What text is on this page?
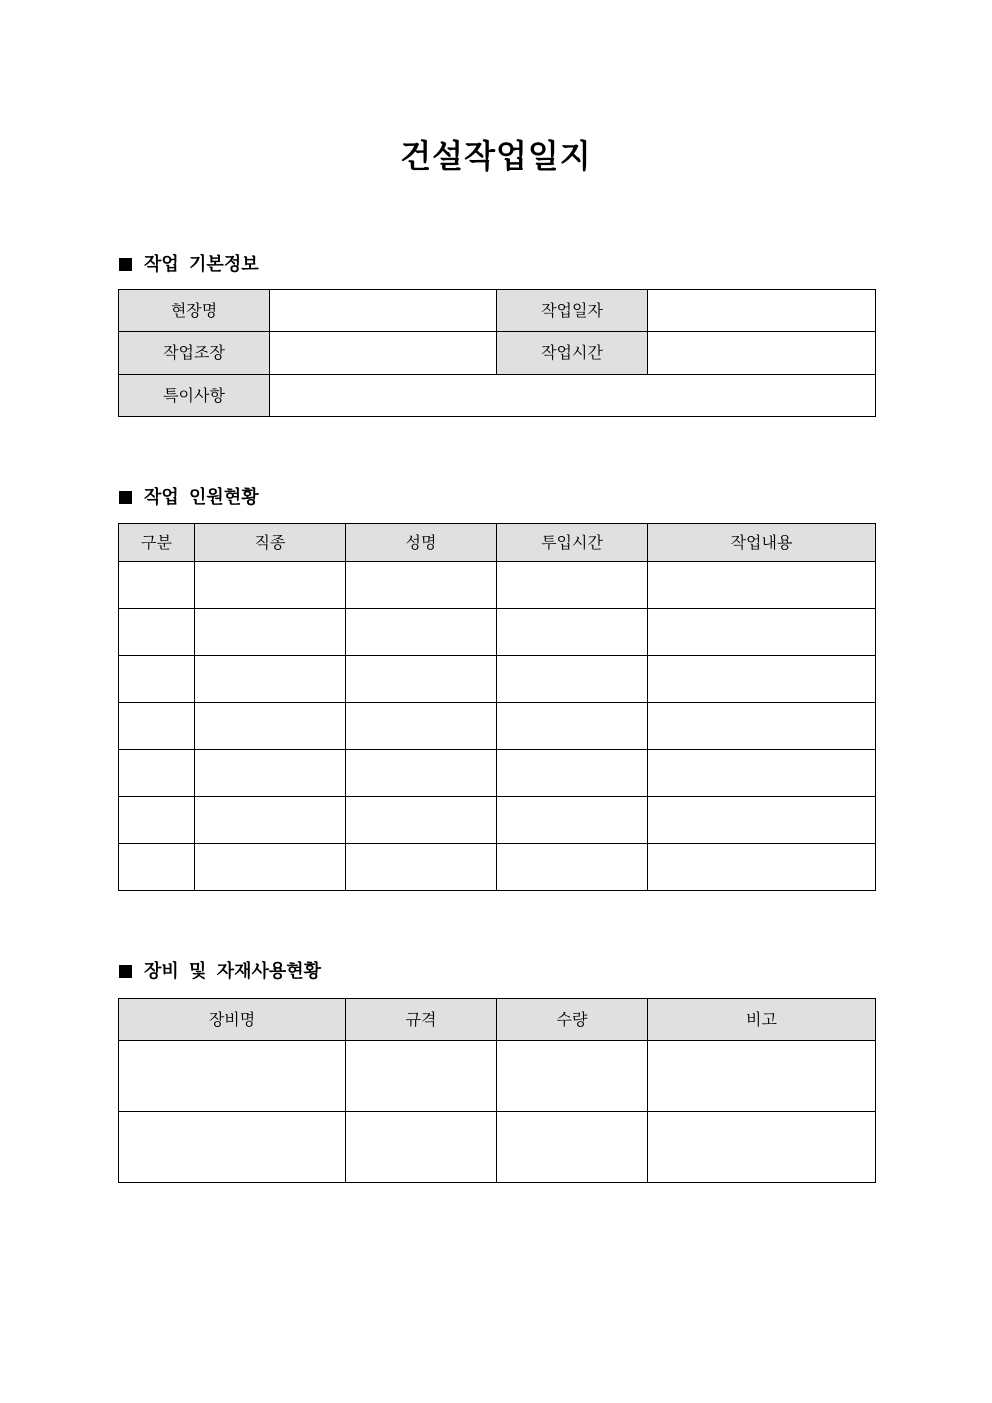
건설작업일지
작업 기본정보
현장명		작업일자	
작업조장		작업시간	
특이사항			
작업 인원현황
구분	직종	성명	투입시간	작업내용

장비 및 자재사용현황
장비명	규격	수량	비고
